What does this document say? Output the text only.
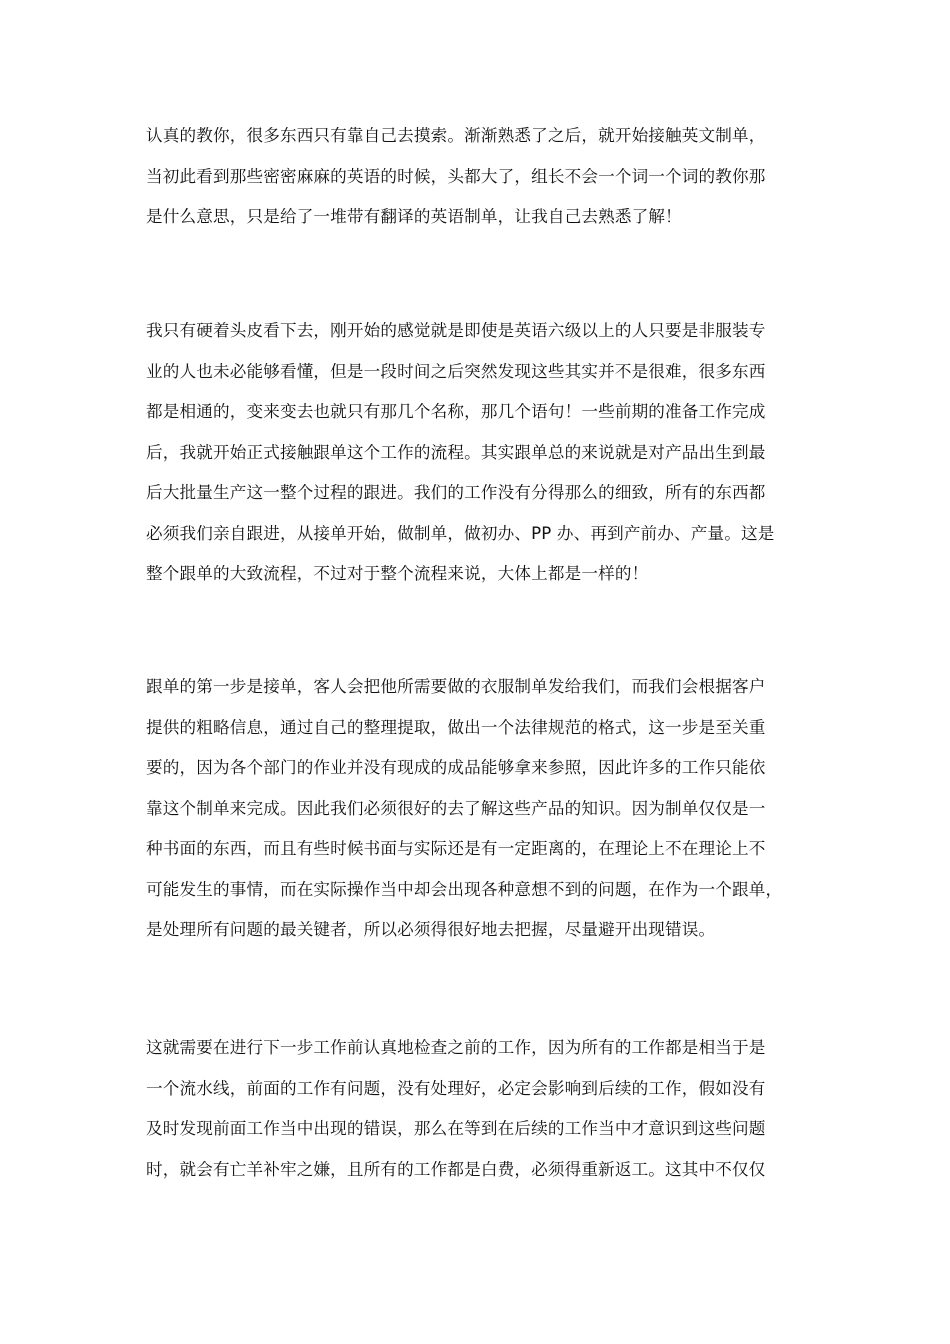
认真的教你，很多东西只有靠自己去摸索。渐渐熟悉了之后，就开始接触英文制单，
当初此看到那些密密麻麻的英语的时候，头都大了，组长不会一个词一个词的教你那
是什么意思，只是给了一堆带有翻译的英语制单，让我自己去熟悉了解！
我只有硬着头皮看下去，刚开始的感觉就是即使是英语六级以上的人只要是非服装专
业的人也未必能够看懂，但是一段时间之后突然发现这些其实并不是很难，很多东西
都是相通的，变来变去也就只有那几个名称，那几个语句！一些前期的准备工作完成
后，我就开始正式接触跟单这个工作的流程。其实跟单总的来说就是对产品出生到最
后大批量生产这一整个过程的跟进。我们的工作没有分得那么的细致，所有的东西都
必须我们亲自跟进，从接单开始，做制单，做初办、PP 办、再到产前办、产量。这是
整个跟单的大致流程，不过对于整个流程来说，大体上都是一样的！
跟单的第一步是接单，客人会把他所需要做的衣服制单发给我们，而我们会根据客户
提供的粗略信息，通过自己的整理提取，做出一个法律规范的格式，这一步是至关重
要的，因为各个部门的作业并没有现成的成品能够拿来参照，因此许多的工作只能依
靠这个制单来完成。因此我们必须很好的去了解这些产品的知识。因为制单仅仅是一
种书面的东西，而且有些时候书面与实际还是有一定距离的，在理论上不在理论上不
可能发生的事情，而在实际操作当中却会出现各种意想不到的问题，在作为一个跟单，
是处理所有问题的最关键者，所以必须得很好地去把握，尽量避开出现错误。
这就需要在进行下一步工作前认真地检查之前的工作，因为所有的工作都是相当于是
一个流水线，前面的工作有问题，没有处理好，必定会影响到后续的工作，假如没有
及时发现前面工作当中出现的错误，那么在等到在后续的工作当中才意识到这些问题
时，就会有亡羊补牢之嫌，且所有的工作都是白费，必须得重新返工。这其中不仅仅
